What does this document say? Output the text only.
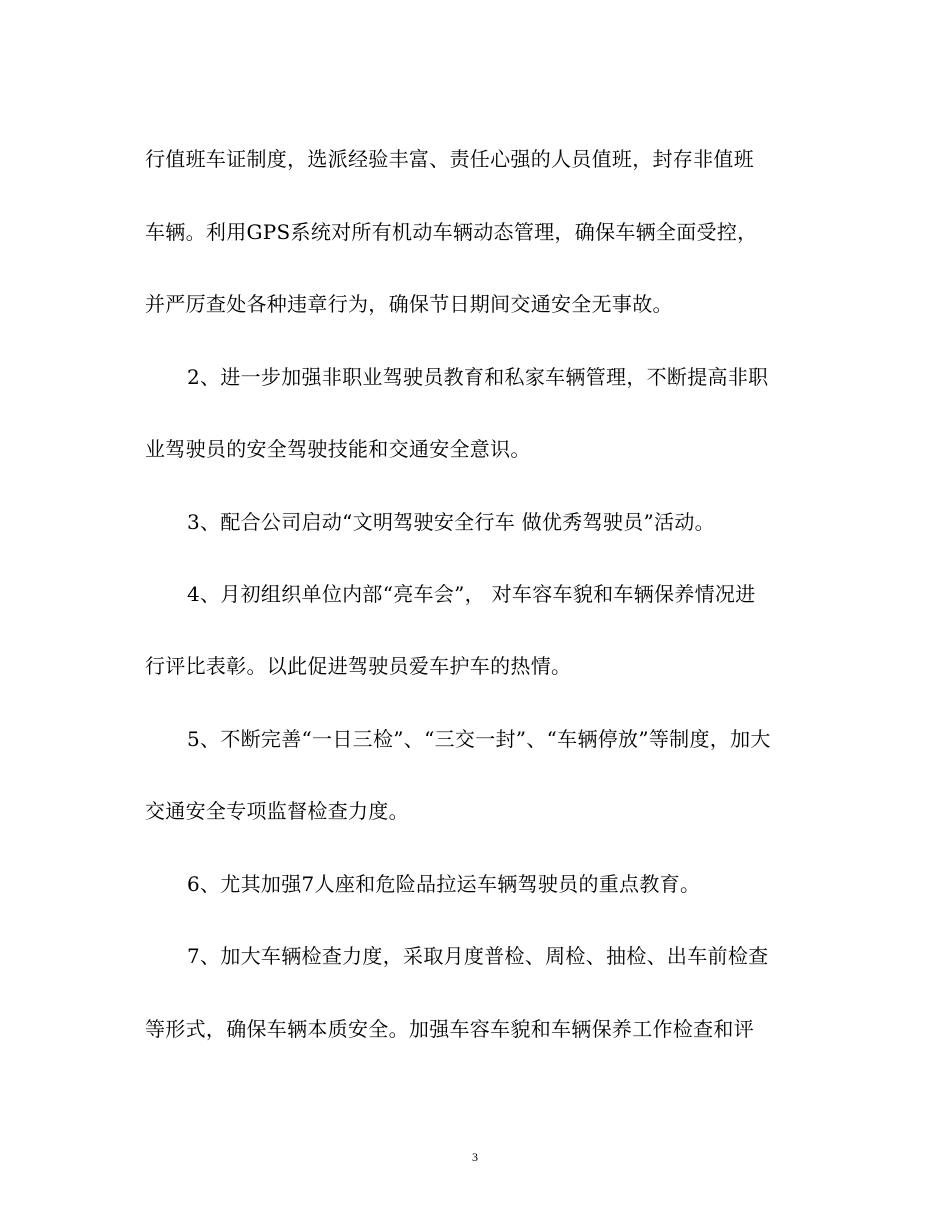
行值班车证制度，选派经验丰富、责任心强的人员值班，封存非值班
车辆。利用GPS系统对所有机动车辆动态管理，确保车辆全面受控，
并严厉查处各种违章行为，确保节日期间交通安全无事故。
2、进一步加强非职业驾驶员教育和私家车辆管理，不断提高非职
业驾驶员的安全驾驶技能和交通安全意识。
3、配合公司启动“文明驾驶安全行车 做优秀驾驶员”活动。
4、月初组织单位内部“亮车会”， 对车容车貌和车辆保养情况进
行评比表彰。以此促进驾驶员爱车护车的热情。
5、不断完善“一日三检”、“三交一封”、“车辆停放”等制度，加大
交通安全专项监督检查力度。
6、尤其加强7人座和危险品拉运车辆驾驶员的重点教育。
7、加大车辆检查力度，采取月度普检、周检、抽检、出车前检查
等形式，确保车辆本质安全。加强车容车貌和车辆保养工作检查和评
3
